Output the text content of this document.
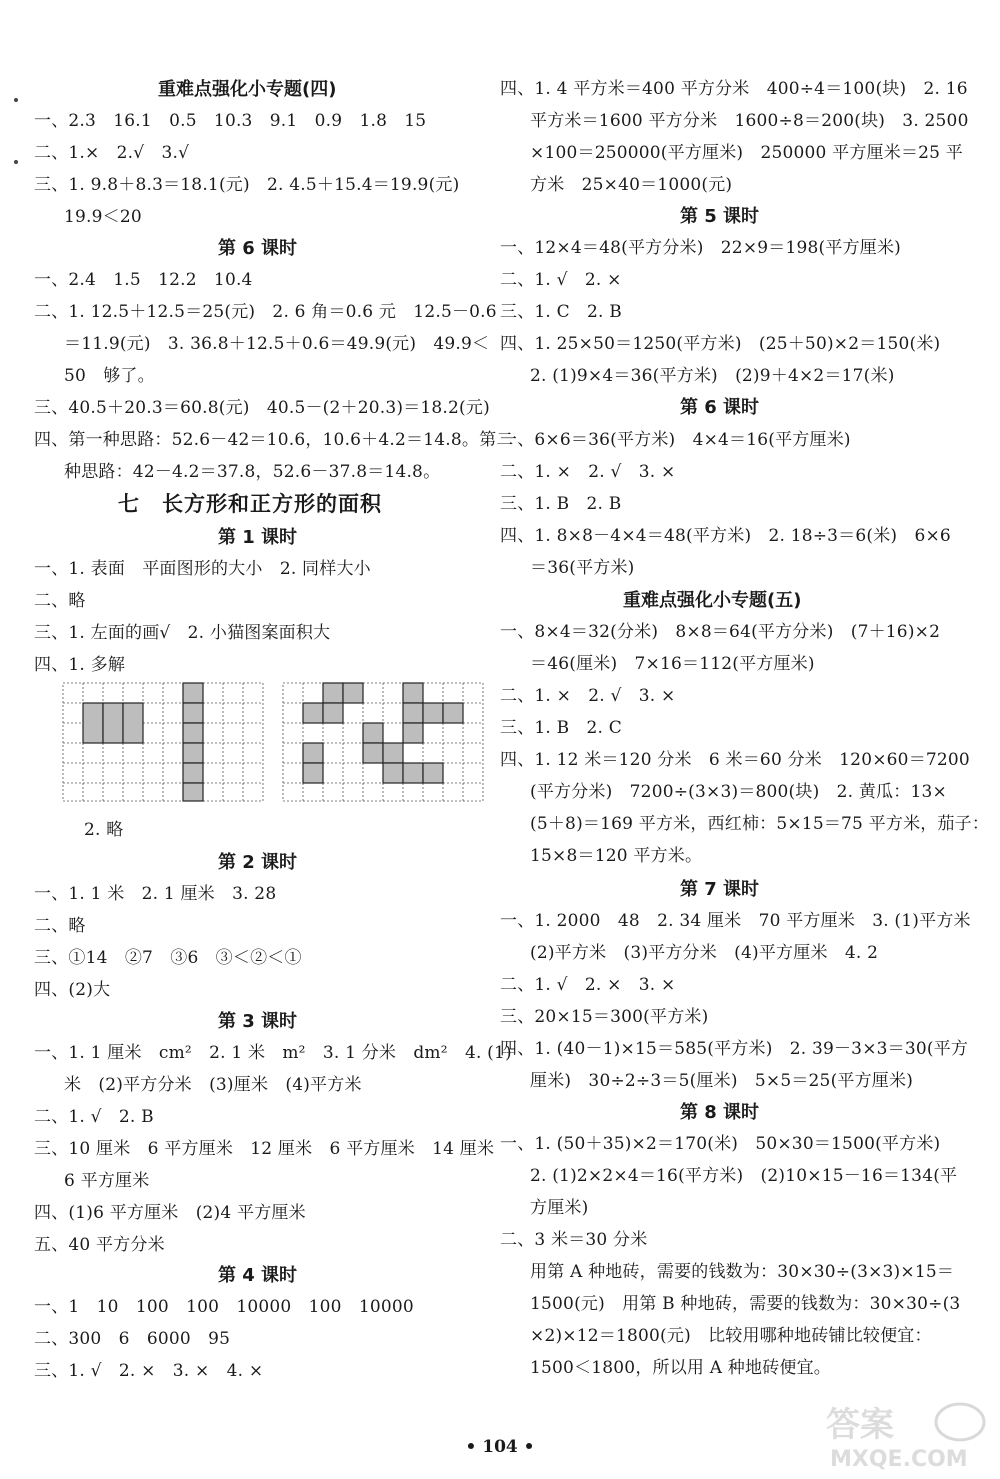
重难点强化小专题(四)
一、2.3　16.1　0.5　10.3　9.1　0.9　1.8　15
二、1.×　2.√　3.√
三、1. 9.8＋8.3＝18.1(元)　2. 4.5＋15.4＝19.9(元)
19.9＜20
第 6 课时
一、2.4　1.5　12.2　10.4
二、1. 12.5＋12.5＝25(元)　2. 6 角＝0.6 元　12.5－0.6
＝11.9(元)　3. 36.8＋12.5＋0.6＝49.9(元)　49.9＜
50　够了。
三、40.5＋20.3＝60.8(元)　40.5－(2＋20.3)＝18.2(元)
四、第一种思路：52.6－42＝10.6，10.6＋4.2＝14.8。第二
种思路：42－4.2＝37.8，52.6－37.8＝14.8。
七　长方形和正方形的面积
第 1 课时
一、1. 表面　平面图形的大小　2. 同样大小
二、略
三、1. 左面的画√　2. 小猫图案面积大
四、1. 多解
2. 略
第 2 课时
一、1. 1 米　2. 1 厘米　3. 28
二、略
三、①14　②7　③6　③＜②＜①
四、(2)大
第 3 课时
一、1. 1 厘米　cm²　2. 1 米　m²　3. 1 分米　dm²　4. (1)
米　(2)平方分米　(3)厘米　(4)平方米
二、1. √　2. B
三、10 厘米　6 平方厘米　12 厘米　6 平方厘米　14 厘米
6 平方厘米
四、(1)6 平方厘米　(2)4 平方厘米
五、40 平方分米
第 4 课时
一、1　10　100　100　10000　100　10000
二、300　6　6000　95
三、1. √　2. ×　3. ×　4. ×
四、1. 4 平方米＝400 平方分米　400÷4＝100(块)　2. 16
平方米＝1600 平方分米　1600÷8＝200(块)　3. 2500
×100＝250000(平方厘米)　250000 平方厘米＝25 平
方米　25×40＝1000(元)
第 5 课时
一、12×4＝48(平方分米)　22×9＝198(平方厘米)
二、1. √　2. ×
三、1. C　2. B
四、1. 25×50＝1250(平方米)　(25＋50)×2＝150(米)
2. (1)9×4＝36(平方米)　(2)9＋4×2＝17(米)
第 6 课时
一、6×6＝36(平方米)　4×4＝16(平方厘米)
二、1. ×　2. √　3. ×
三、1. B　2. B
四、1. 8×8－4×4＝48(平方米)　2. 18÷3＝6(米)　6×6
＝36(平方米)
重难点强化小专题(五)
一、8×4＝32(分米)　8×8＝64(平方分米)　(7＋16)×2
＝46(厘米)　7×16＝112(平方厘米)
二、1. ×　2. √　3. ×
三、1. B　2. C
四、1. 12 米＝120 分米　6 米＝60 分米　120×60＝7200
(平方分米)　7200÷(3×3)＝800(块)　2. 黄瓜：13×
(5＋8)＝169 平方米，西红柿：5×15＝75 平方米，茄子：
15×8＝120 平方米。
第 7 课时
一、1. 2000　48　2. 34 厘米　70 平方厘米　3. (1)平方米
(2)平方米　(3)平方分米　(4)平方厘米　4. 2
二、1. √　2. ×　3. ×
三、20×15＝300(平方米)
四、1. (40－1)×15＝585(平方米)　2. 39－3×3＝30(平方
厘米)　30÷2÷3＝5(厘米)　5×5＝25(平方厘米)
第 8 课时
一、1. (50＋35)×2＝170(米)　50×30＝1500(平方米)
2. (1)2×2×4＝16(平方米)　(2)10×15－16＝134(平
方厘米)
二、3 米＝30 分米
用第 A 种地砖，需要的钱数为：30×30÷(3×3)×15＝
1500(元)　用第 B 种地砖，需要的钱数为：30×30÷(3
×2)×12＝1800(元)　比较用哪种地砖铺比较便宜：
1500＜1800，所以用 A 种地砖便宜。
• 104 •
答案
MXQE.COM
